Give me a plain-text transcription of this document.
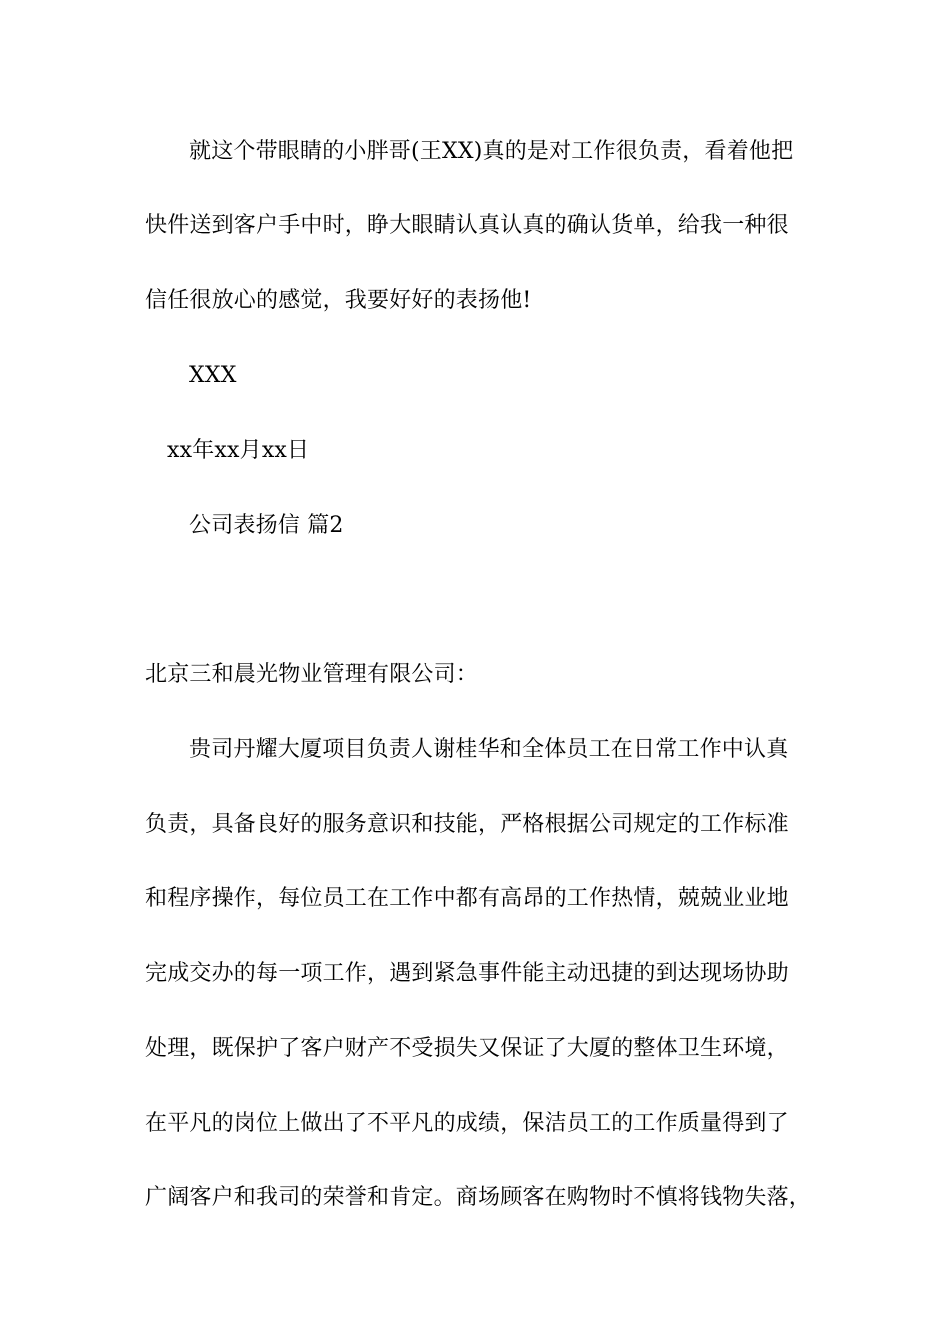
就这个带眼睛的小胖哥(王XX)真的是对工作很负责，看着他把
快件送到客户手中时，睁大眼睛认真认真的确认货单，给我一种很
信任很放心的感觉，我要好好的表扬他!
XXX
xx年xx月xx日
公司表扬信 篇2
北京三和晨光物业管理有限公司：
贵司丹耀大厦项目负责人谢桂华和全体员工在日常工作中认真
负责，具备良好的服务意识和技能，严格根据公司规定的工作标准
和程序操作，每位员工在工作中都有高昂的工作热情，兢兢业业地
完成交办的每一项工作，遇到紧急事件能主动迅捷的到达现场协助
处理，既保护了客户财产不受损失又保证了大厦的整体卫生环境，
在平凡的岗位上做出了不平凡的成绩，保洁员工的工作质量得到了
广阔客户和我司的荣誉和肯定。商场顾客在购物时不慎将钱物失落，
